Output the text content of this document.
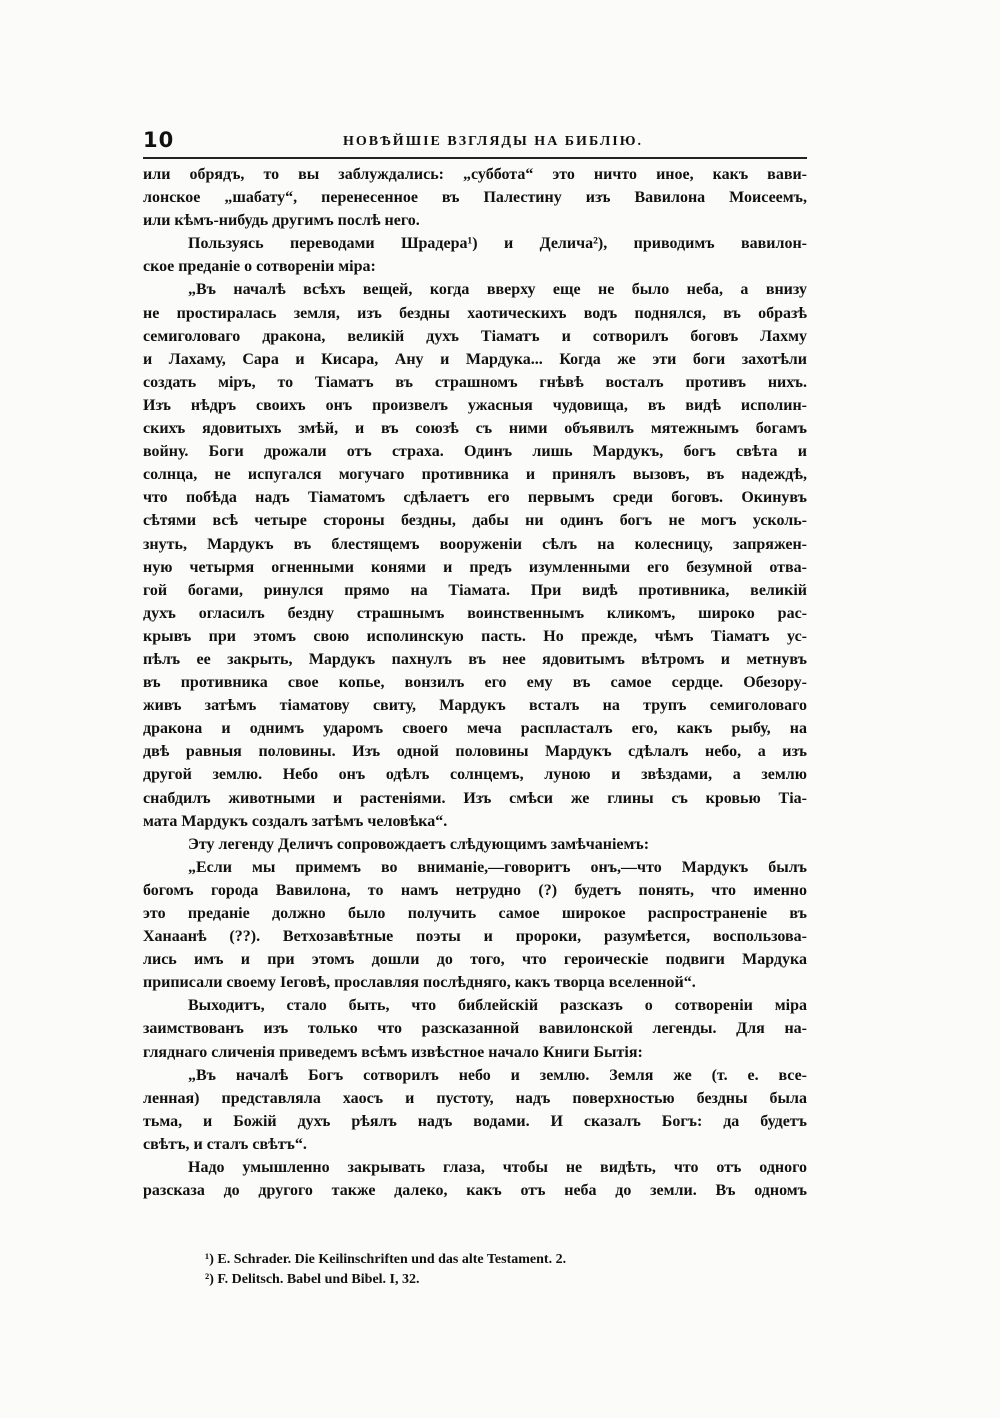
10	НОВѢЙШІЕ ВЗГЛЯДЫ НА БИБЛІЮ.
или обрядъ, то вы заблуждались: „суббота“ это ничто иное, какъ вави-
лонское „шабату“, перенесенное въ Палестину изъ Вавилона Моисеемъ,
или кѣмъ-нибудь другимъ послѣ него.
Пользуясь переводами Шрадера¹) и Деличa²), приводимъ вавилон-
ское преданіе о сотвореніи міра:
„Въ началѣ всѣхъ вещей, когда вверху еще не было неба, а внизу
не простиралась земля, изъ бездны хаотическихъ водъ поднялся, въ образѣ
семиголоваго дракона, великій духъ Тіаматъ и сотворилъ боговъ Лахму
и Лахаму, Сара и Кисара, Ану и Мардука... Когда же эти боги захотѣли
создать міръ, то Тіаматъ въ страшномъ гнѣвѣ восталъ противъ нихъ.
Изъ нѣдръ своихъ онъ произвелъ ужасныя чудовища, въ видѣ исполин-
скихъ ядовитыхъ змѣй, и въ союзѣ съ ними объявилъ мятежнымъ богамъ
войну. Боги дрожали отъ страха. Одинъ лишь Мардукъ, богъ свѣта и
солнца, не испугался могучаго противника и принялъ вызовъ, въ надеждѣ,
что побѣда надъ Тіаматомъ сдѣлаетъ его первымъ среди боговъ. Окинувъ
сѣтями всѣ четыре стороны бездны, дабы ни одинъ богъ не могъ усколь-
знуть, Мардукъ въ блестящемъ вооруженіи сѣлъ на колесницу, запряжен-
ную четырмя огненными конями и предъ изумленными его безумной отва-
гой богами, ринулся прямо на Тіамата. При видѣ противника, великій
духъ огласилъ бездну страшнымъ воинственнымъ кликомъ, широко рас-
крывъ при этомъ свою исполинскую пасть. Но прежде, чѣмъ Тіаматъ ус-
пѣлъ ее закрыть, Мардукъ пахнулъ въ нее ядовитымъ вѣтромъ и метнувъ
въ противника свое копье, вонзилъ его ему въ самое сердце. Обезору-
живъ затѣмъ тіаматову свиту, Мардукъ всталъ на трупъ семиголоваго
дракона и однимъ ударомъ своего меча распласталъ его, какъ рыбу, на
двѣ равныя половины. Изъ одной половины Мардукъ сдѣлалъ небо, а изъ
другой землю. Небо онъ одѣлъ солнцемъ, луною и звѣздами, а землю
снабдилъ животными и растеніями. Изъ смѣси же глины съ кровью Тіа-
мата Мардукъ создалъ затѣмъ человѣка“.
Эту легенду Деличъ сопровождаетъ слѣдующимъ замѣчаніемъ:
„Если мы примемъ во вниманіе,—говоритъ онъ,—что Мардукъ былъ
богомъ города Вавилона, то намъ нетрудно (?) будетъ понять, что именно
это преданіе должно было получить самое широкое распространеніе въ
Ханаанѣ (??). Ветхозавѣтные поэты и пророки, разумѣется, воспользова-
лись имъ и при этомъ дошли до того, что героическіе подвиги Мардука
приписали своему Іеговѣ, прославляя послѣдняго, какъ творца вселенной“.
Выходитъ, стало быть, что библейскій разсказъ о сотвореніи міра
заимствованъ изъ только что разсказанной вавилонской легенды. Для на-
гляднаго сличенія приведемъ всѣмъ извѣстное начало Книги Бытія:
„Въ началѣ Богъ сотворилъ небо и землю. Земля же (т. е. все-
ленная) представляла хаосъ и пустоту, надъ поверхностью бездны была
тьма, и Божій духъ рѣялъ надъ водами. И сказалъ Богъ: да будетъ
свѣтъ, и сталъ свѣтъ“.
Надо умышленно закрывать глаза, чтобы не видѣть, что отъ одного
разсказа до другого также далеко, какъ отъ неба до земли. Въ одномъ
¹) E. Schrader. Die Keilinschriften und das alte Testament. 2.
²) F. Delitsch. Babel und Bibel. I, 32.
